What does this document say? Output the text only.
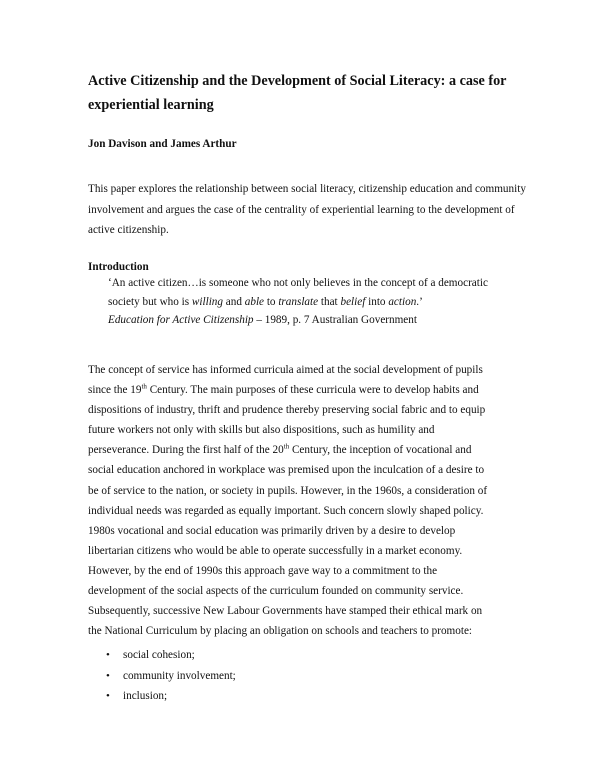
Active Citizenship and the Development of Social Literacy: a case for experiential learning
Jon Davison and James Arthur
This paper explores the relationship between social literacy, citizenship education and community involvement and argues the case of the centrality of experiential learning to the development of active citizenship.
Introduction
‘An active citizen…is someone who not only believes in the concept of a democratic
society but who is willing and able to translate that belief into action.’
Education for Active Citizenship – 1989, p. 7 Australian Government
The concept of service has informed curricula aimed at the social development of pupils
since the 19th Century. The main purposes of these curricula were to develop habits and
dispositions of industry, thrift and prudence thereby preserving social fabric and to equip
future workers not only with skills but also dispositions, such as humility and
perseverance. During the first half of the 20th Century, the inception of vocational and
social education anchored in workplace was premised upon the inculcation of a desire to
be of service to the nation, or society in pupils. However, in the 1960s, a consideration of
individual needs was regarded as equally important. Such concern slowly shaped policy.
1980s vocational and social education was primarily driven by a desire to develop
libertarian citizens who would be able to operate successfully in a market economy.
However, by the end of 1990s this approach gave way to a commitment to the
development of the social aspects of the curriculum founded on community service.
Subsequently, successive New Labour Governments have stamped their ethical mark on
the National Curriculum by placing an obligation on schools and teachers to promote:
• social cohesion;
• community involvement;
• inclusion;
